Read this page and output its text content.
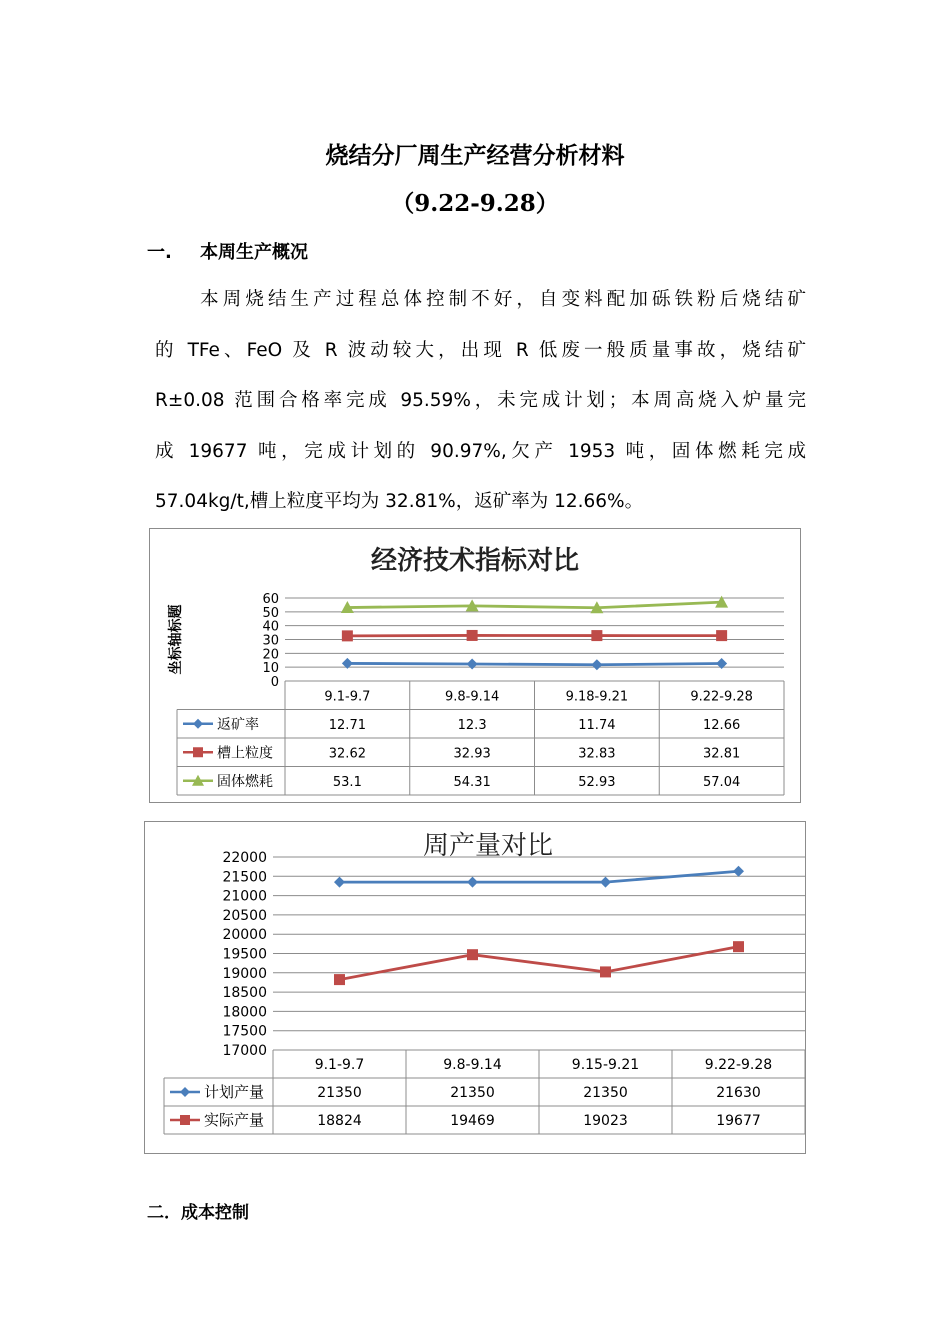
烧结分厂周生产经营分析材料
（9.22-9.28）
一. 本周生产概况
　　本周烧结生产过程总体控制不好，自变料配加砾铁粉后烧结矿
的 TFe、FeO 及 R 波动较大，出现 R 低废一般质量事故，烧结矿
R±0.08 范围合格率完成 95.59%，未完成计划；本周高烧入炉量完
成 19677 吨，完成计划的 90.97%,欠产 1953 吨，固体燃耗完成
57.04kg/t,槽上粒度平均为 32.81%，返矿率为 12.66%。
经济技术指标对比
坐标轴标题
60
50
40
30
20
10
0
9.1-9.7	9.8-9.14	9.18-9.21	9.22-9.28
返矿率	12.71	12.3	11.74	12.66
槽上粒度	32.62	32.93	32.83	32.81
固体燃耗	53.1	54.31	52.93	57.04
周产量对比
22000
21500
21000
20500
20000
19500
19000
18500
18000
17500
17000
9.1-9.7	9.8-9.14	9.15-9.21	9.22-9.28
计划产量	21350	21350	21350	21630
实际产量	18824	19469	19023	19677
二．成本控制
